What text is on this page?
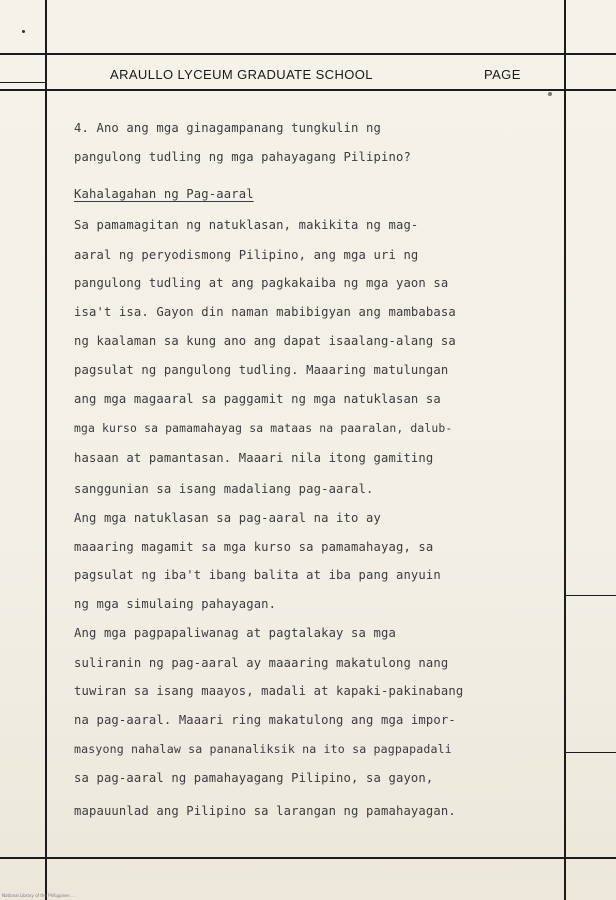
ARAULLO LYCEUM GRADUATE SCHOOL	PAGE
4. Ano ang mga ginagampanang tungkulin ng
pangulong tudling ng mga pahayagang Pilipino?
Kahalagahan ng Pag-aaral
Sa pamamagitan ng natuklasan, makikita ng mag-
aaral ng peryodismong Pilipino, ang mga uri ng
pangulong tudling at ang pagkakaiba ng mga yaon sa
isa't isa. Gayon din naman mabibigyan ang mambabasa
ng kaalaman sa kung ano ang dapat isaalang-alang sa
pagsulat ng pangulong tudling. Maaaring matulungan
ang mga magaaral sa paggamit ng mga natuklasan sa
mga kurso sa pamamahayag sa mataas na paaralan, dalub-
hasaan at pamantasan. Maaari nila itong gamiting
sanggunian sa isang madaliang pag-aaral.
Ang mga natuklasan sa pag-aaral na ito ay
maaaring magamit sa mga kurso sa pamamahayag, sa
pagsulat ng iba't ibang balita at iba pang anyuin
ng mga simulaing pahayagan.
Ang mga pagpapaliwanag at pagtalakay sa mga
suliranin ng pag-aaral ay maaaring makatulong nang
tuwiran sa isang maayos, madali at kapaki-pakinabang
na pag-aaral. Maaari ring makatulong ang mga impor-
masyong nahalaw sa pananaliksik na ito sa pagpapadali
sa pag-aaral ng pamahayagang Pilipino, sa gayon,
mapauunlad ang Pilipino sa larangan ng pamahayagan.
National Library of the Philippines ...
